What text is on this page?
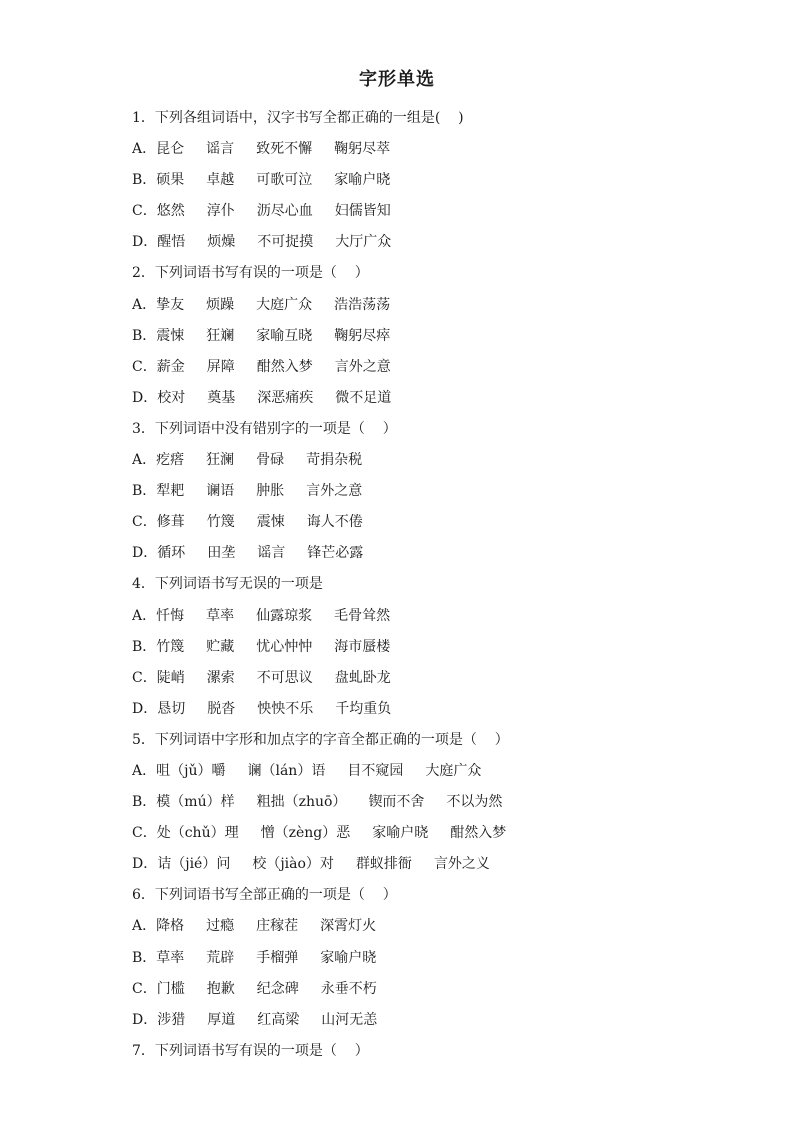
字形单选
1．下列各组词语中，汉字书写全都正确的一组是(    )
A．昆仑 谣言 致死不懈 鞠躬尽萃
B．硕果 卓越 可歌可泣 家喻户晓
C．悠然 淳仆 沥尽心血 妇儒皆知
D．醒悟 烦燥 不可捉摸 大厅广众
2．下列词语书写有误的一项是（    ）
A．挚友 烦躁 大庭广众 浩浩荡荡
B．震悚 狂斓 家喻互晓 鞠躬尽瘁
C．薪金 屏障 酣然入梦 言外之意
D．校对 奠基 深恶痛疾 微不足道
3．下列词语中没有错别字的一项是（    ）
A．疙瘩 狂澜 骨碌 苛捐杂税
B．犁耙 谰语 肿胀 言外之意
C．修葺 竹篾 震悚 诲人不倦
D．循环 田垄 谣言 锋芒必露
4．下列词语书写无误的一项是
A．忏悔 草率 仙露琼浆 毛骨耸然
B．竹篾 贮藏 忧心忡忡 海市蜃楼
C．陡峭 漯索 不可思议 盘虬卧龙
D．恳切 脱沓 怏怏不乐 千均重负
5．下列词语中字形和加点字的字音全都正确的一项是（    ）
A．咀（jǔ）嚼 谰（lán）语 目不窥园 大庭广众
B．模（mú）样 粗拙（zhuō） 锲而不舍 不以为然
C．处（chǔ）理 憎（zèng）恶 家喻户晓 酣然入梦
D．诘（jié）问 校（jiào）对 群蚁排衙 言外之义
6．下列词语书写全部正确的一项是（    ）
A．降格 过瘾 庄稼茬 深霄灯火
B．草率 荒辟 手榴弹 家喻户晓
C．门槛 抱歉 纪念碑 永垂不朽
D．涉猎 厚道 红高梁 山河无恙
7．下列词语书写有误的一项是（    ）
